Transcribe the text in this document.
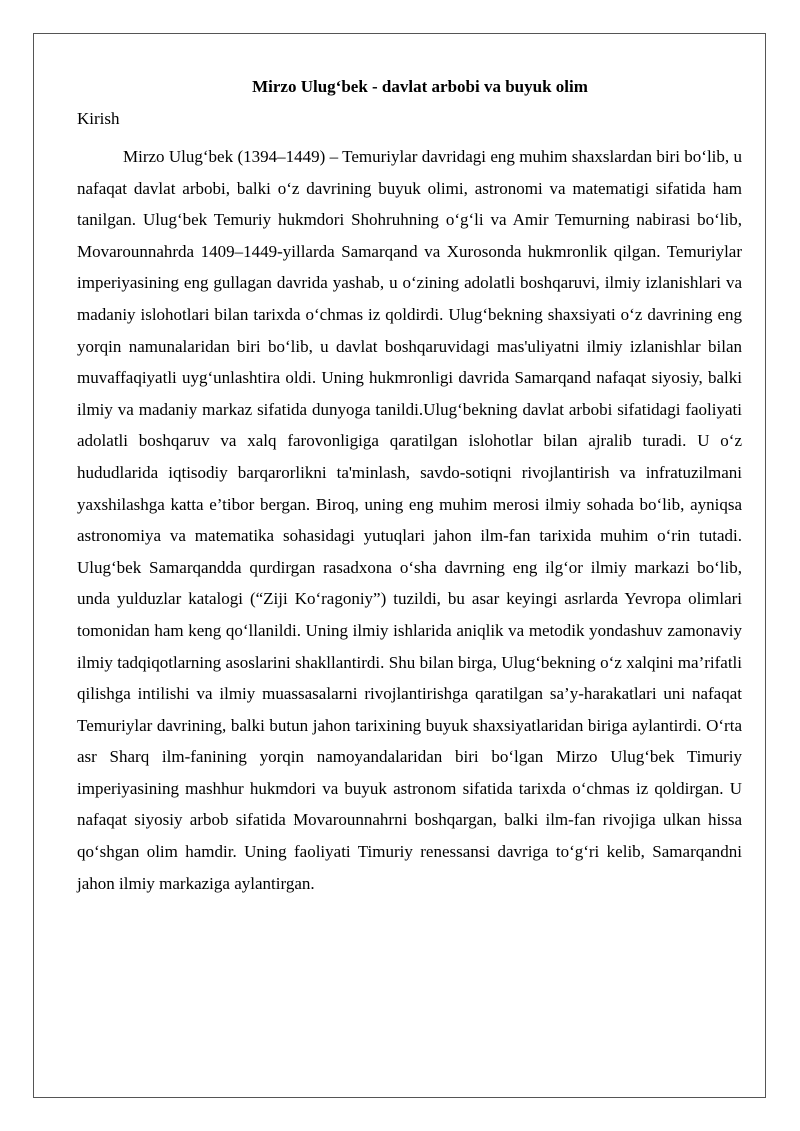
Mirzo Ulug‘bek - davlat arbobi va buyuk olim
Kirish

Mirzo Ulug‘bek (1394–1449) – Temuriylar davridagi eng muhim shaxslardan biri bo‘lib, u nafaqat davlat arbobi, balki o‘z davrining buyuk olimi, astronomi va matematigi sifatida ham tanilgan. Ulug‘bek Temuriy hukmdori Shohruhning o‘g‘li va Amir Temurning nabirasi bo‘lib, Movarounnahrda 1409–1449-yillarda Samarqand va Xurosonda hukmronlik qilgan. Temuriylar imperiyasining eng gullagan davrida yashab, u o‘zining adolatli boshqaruvi, ilmiy izlanishlari va madaniy islohotlari bilan tarixda o‘chmas iz qoldirdi. Ulug‘bekning shaxsiyati o‘z davrining eng yorqin namunalaridan biri bo‘lib, u davlat boshqaruvidagi mas'uliyatni ilmiy izlanishlar bilan muvaffaqiyatli uyg‘unlashtira oldi. Uning hukmronligi davrida Samarqand nafaqat siyosiy, balki ilmiy va madaniy markaz sifatida dunyoga tanildi.Ulug‘bekning davlat arbobi sifatidagi faoliyati adolatli boshqaruv va xalq farovonligiga qaratilgan islohotlar bilan ajralib turadi. U o‘z hududlarida iqtisodiy barqarorlikni ta'minlash, savdo-sotiqni rivojlantirish va infratuzilmani yaxshilashga katta e’tibor bergan. Biroq, uning eng muhim merosi ilmiy sohada bo‘lib, ayniqsa astronomiya va matematika sohasidagi yutuqlari jahon ilm-fan tarixida muhim o‘rin tutadi. Ulug‘bek Samarqandda qurdirgan rasadxona o‘sha davrning eng ilg‘or ilmiy markazi bo‘lib, unda yulduzlar katalogi (“Ziji Ko‘ragoniy”) tuzildi, bu asar keyingi asrlarda Yevropa olimlari tomonidan ham keng qo‘llanildi. Uning ilmiy ishlarida aniqlik va metodik yondashuv zamonaviy ilmiy tadqiqotlarning asoslarini shakllantirdi. Shu bilan birga, Ulug‘bekning o‘z xalqini ma’rifatli qilishga intilishi va ilmiy muassasalarni rivojlantirishga qaratilgan sa’y-harakatlari uni nafaqat Temuriylar davrining, balki butun jahon tarixining buyuk shaxsiyatlaridan biriga aylantirdi. O‘rta asr Sharq ilm-fanining yorqin namoyandalaridan biri bo‘lgan Mirzo Ulug‘bek Timuriy imperiyasining mashhur hukmdori va buyuk astronom sifatida tarixda o‘chmas iz qoldirgan. U nafaqat siyosiy arbob sifatida Movarounnahrni boshqargan, balki ilm-fan rivojiga ulkan hissa qo‘shgan olim hamdir. Uning faoliyati Timuriy renessansi davriga to‘g‘ri kelib, Samarqandni jahon ilmiy markaziga aylantirgan.
